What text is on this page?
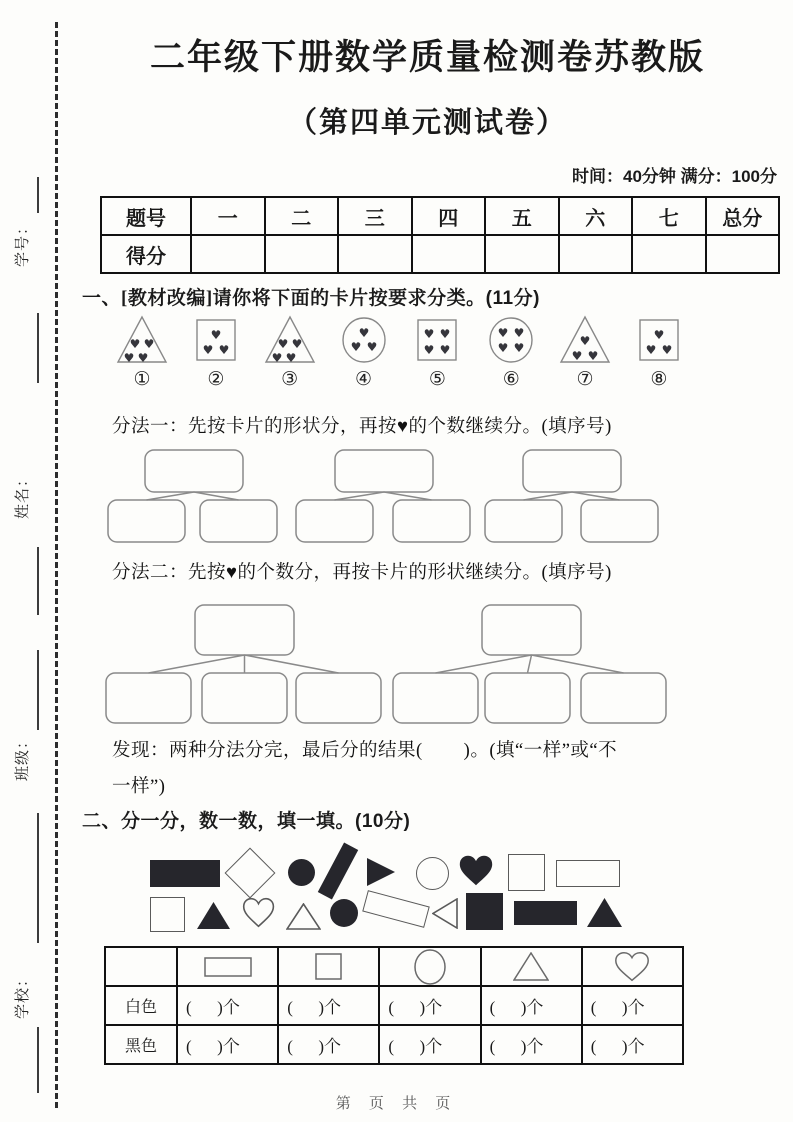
学号：
姓名：
班级：
学校：
二年级下册数学质量检测卷苏教版
（第四单元测试卷）
时间：40分钟 满分：100分
题号	一	二	三	四	五	六	七	总分
得分								
一、[教材改编]请你将下面的卡片按要求分类。(11分)
♥ ♥
♥ ♥
①
♥
♥ ♥
②
♥ ♥
♥ ♥
③
♥
♥ ♥
④
♥ ♥
♥ ♥
⑤
♥ ♥
♥ ♥
⑥
♥
♥ ♥
⑦
♥
♥ ♥
⑧
分法一：先按卡片的形状分，再按♥的个数继续分。(填序号)
分法二：先按♥的个数分，再按卡片的形状继续分。(填序号)
发现：两种分法分完，最后分的结果(        )。(填“一样”或“不
一样”)
二、分一分，数一数，填一填。(10分)

白色	(      )个	(      )个	(      )个	(      )个	(      )个
黑色	(      )个	(      )个	(      )个	(      )个	(      )个
第 页 共 页
